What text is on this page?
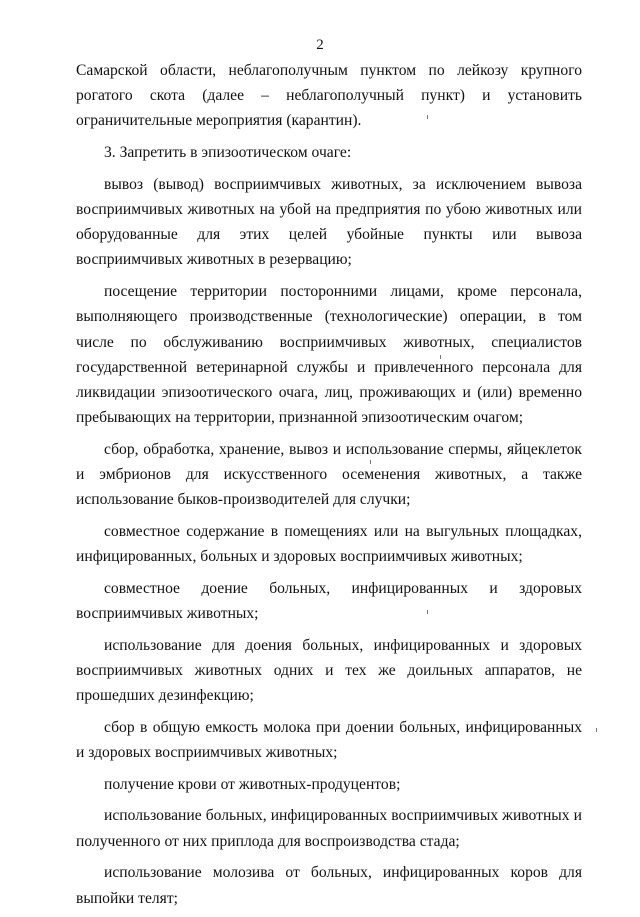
2

Самарской области, неблагополучным пунктом по лейкозу крупного рогатого скота (далее – неблагополучный пункт) и установить ограничительные мероприятия (карантин).

3. Запретить в эпизоотическом очаге:

вывоз (вывод) восприимчивых животных, за исключением вывоза восприимчивых животных на убой на предприятия по убою животных или оборудованные для этих целей убойные пункты или вывоза восприимчивых животных в резервацию;

посещение территории посторонними лицами, кроме персонала, выполняющего производственные (технологические) операции, в том числе по обслуживанию восприимчивых животных, специалистов государственной ветеринарной службы и привлеченного персонала для ликвидации эпизоотического очага, лиц, проживающих и (или) временно пребывающих на территории, признанной эпизоотическим очагом;

сбор, обработка, хранение, вывоз и использование спермы, яйцеклеток и эмбрионов для искусственного осеменения животных, а также использование быков-производителей для случки;

совместное содержание в помещениях или на выгульных площадках, инфицированных, больных и здоровых восприимчивых животных;

совместное доение больных, инфицированных и здоровых восприимчивых животных;

использование для доения больных, инфицированных и здоровых восприимчивых животных одних и тех же доильных аппаратов, не прошедших дезинфекцию;

сбор в общую емкость молока при доении больных, инфицированных и здоровых восприимчивых животных;

получение крови от животных-продуцентов;

использование больных, инфицированных восприимчивых животных и полученного от них приплода для воспроизводства стада;

использование молозива от больных, инфицированных коров для выпойки телят;
